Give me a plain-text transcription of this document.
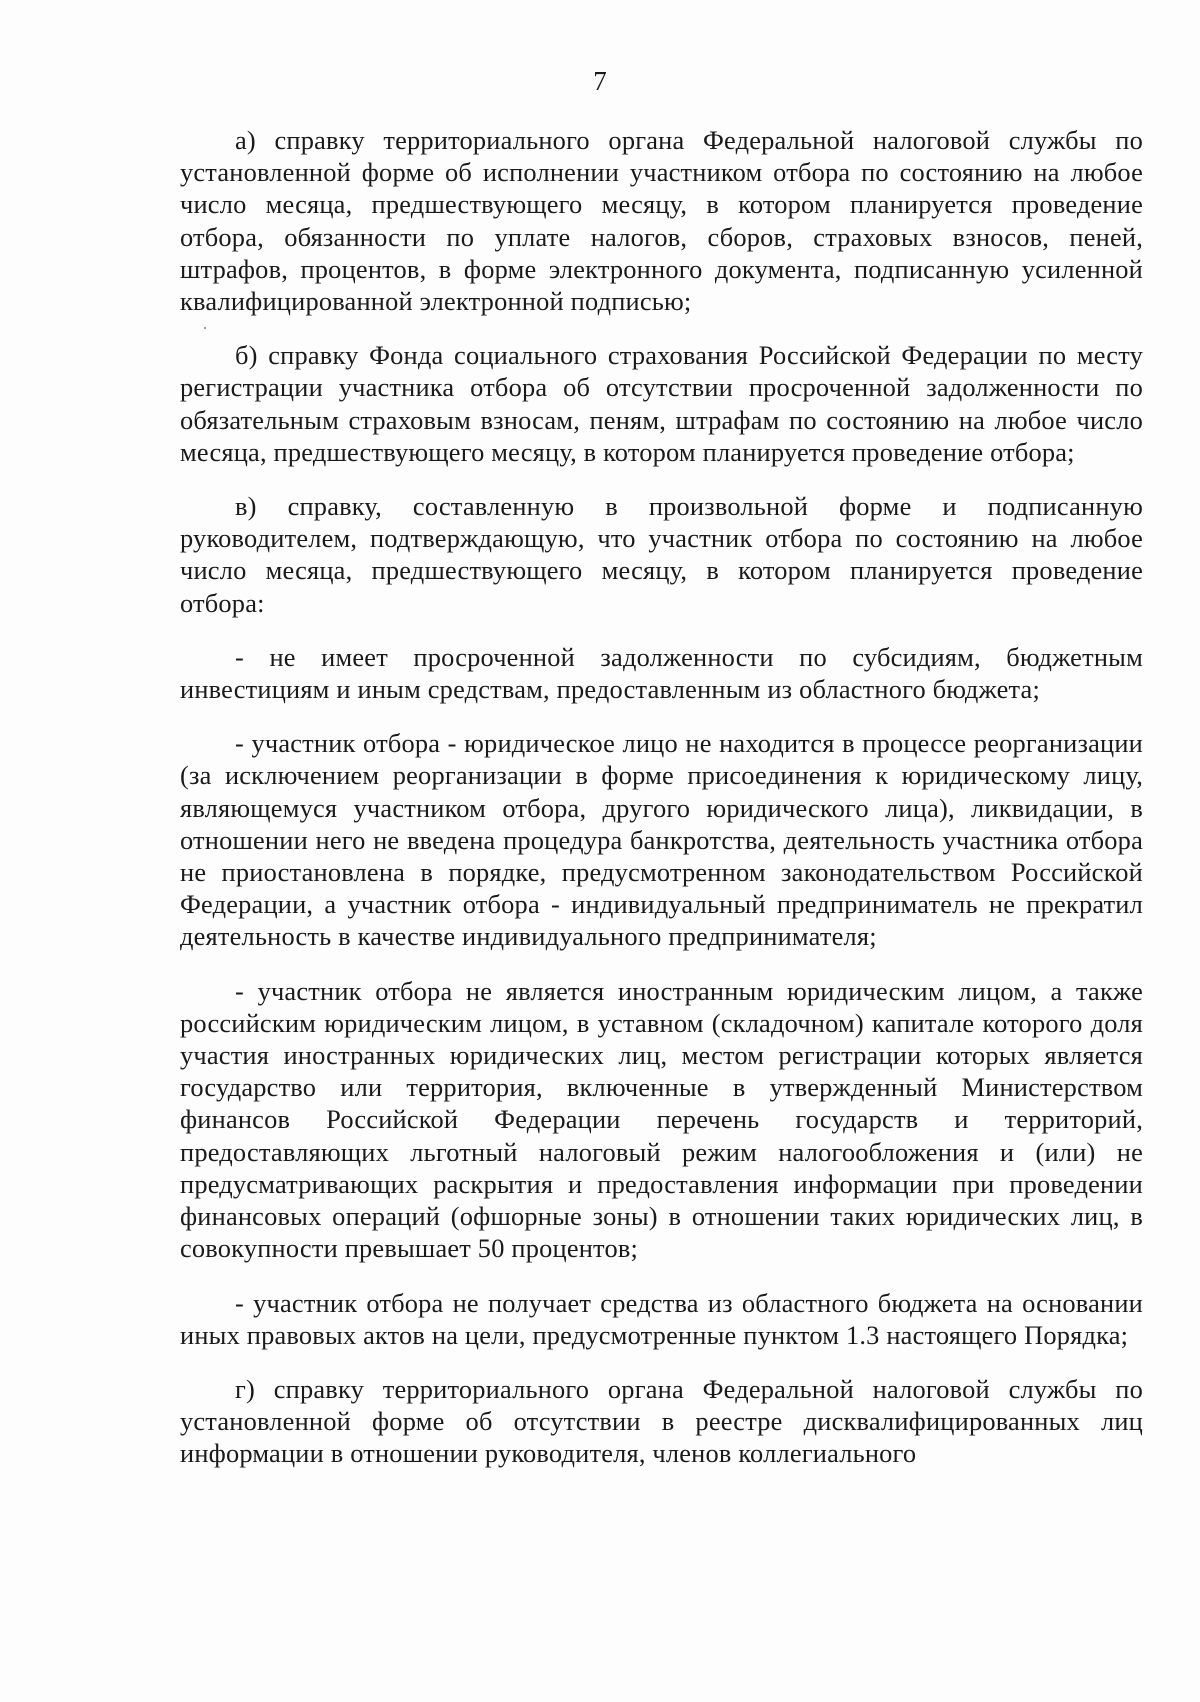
7

а) справку территориального органа Федеральной налоговой службы по установленной форме об исполнении участником отбора по состоянию на любое число месяца, предшествующего месяцу, в котором планируется проведение отбора, обязанности по уплате налогов, сборов, страховых взносов, пеней, штрафов, процентов, в форме электронного документа, подписанную усиленной квалифицированной электронной подписью;

б) справку Фонда социального страхования Российской Федерации по месту регистрации участника отбора об отсутствии просроченной задолженности по обязательным страховым взносам, пеням, штрафам по состоянию на любое число месяца, предшествующего месяцу, в котором планируется проведение отбора;

в) справку, составленную в произвольной форме и подписанную руководителем, подтверждающую, что участник отбора по состоянию на любое число месяца, предшествующего месяцу, в котором планируется проведение отбора:

- не имеет просроченной задолженности по субсидиям, бюджетным инвестициям и иным средствам, предоставленным из областного бюджета;

- участник отбора - юридическое лицо не находится в процессе реорганизации (за исключением реорганизации в форме присоединения к юридическому лицу, являющемуся участником отбора, другого юридического лица), ликвидации, в отношении него не введена процедура банкротства, деятельность участника отбора не приостановлена в порядке, предусмотренном законодательством Российской Федерации, а участник отбора - индивидуальный предприниматель не прекратил деятельность в качестве индивидуального предпринимателя;

- участник отбора не является иностранным юридическим лицом, а также российским юридическим лицом, в уставном (складочном) капитале которого доля участия иностранных юридических лиц, местом регистрации которых является государство или территория, включенные в утвержденный Министерством финансов Российской Федерации перечень государств и территорий, предоставляющих льготный налоговый режим налогообложения и (или) не предусматривающих раскрытия и предоставления информации при проведении финансовых операций (офшорные зоны) в отношении таких юридических лиц, в совокупности превышает 50 процентов;

- участник отбора не получает средства из областного бюджета на основании иных правовых актов на цели, предусмотренные пунктом 1.3 настоящего Порядка;

г) справку территориального органа Федеральной налоговой службы по установленной форме об отсутствии в реестре дисквалифицированных лиц информации в отношении руководителя, членов коллегиального
